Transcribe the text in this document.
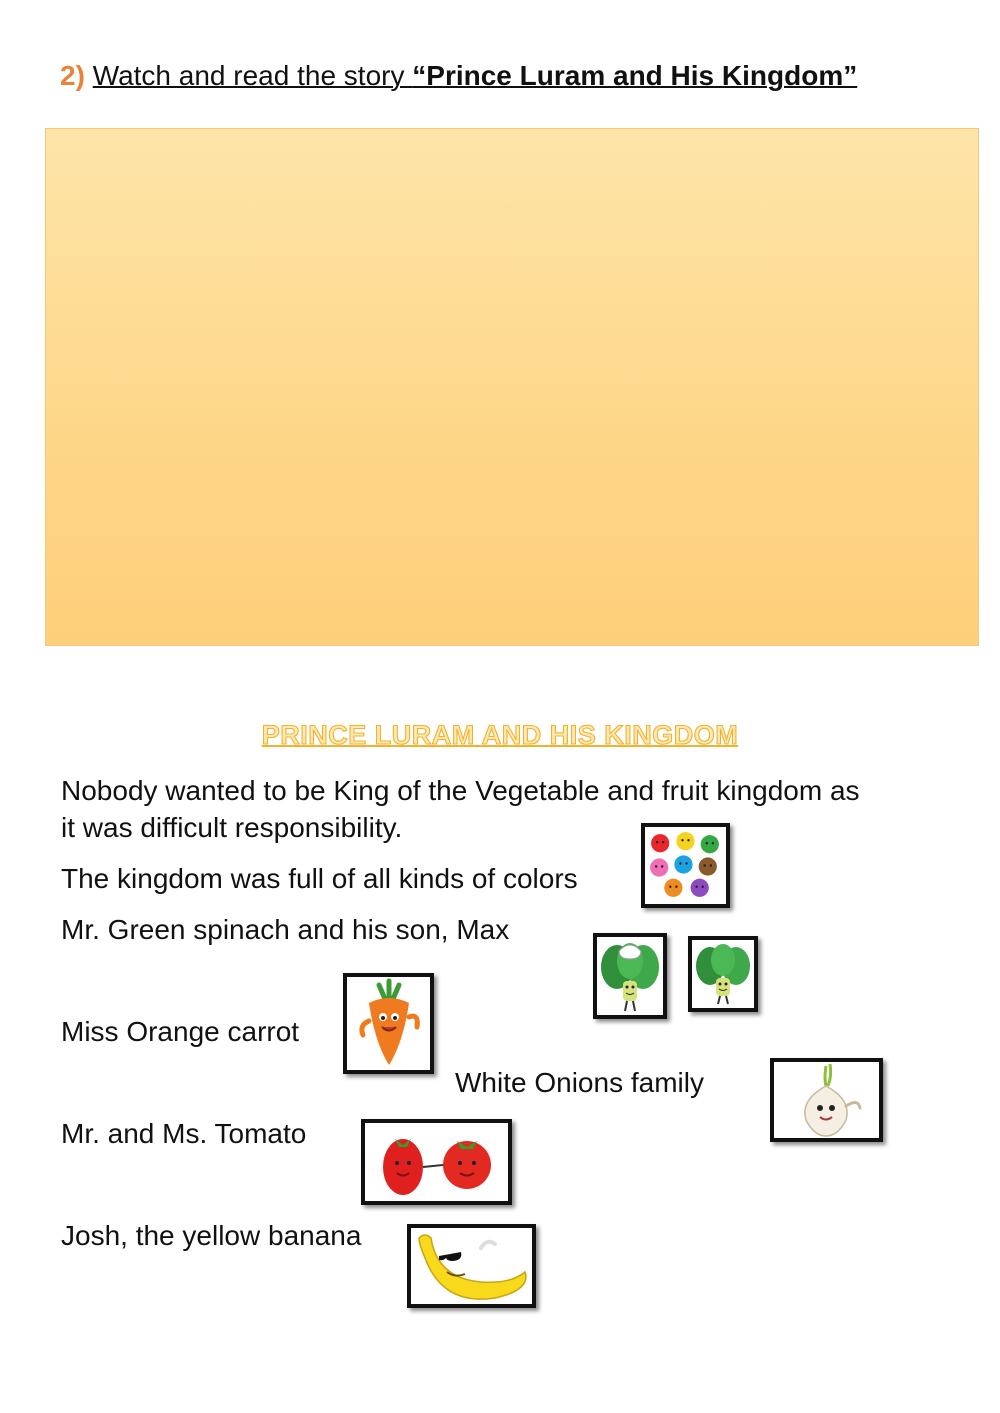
2) Watch and read the story “Prince Luram and His Kingdom”
PRINCE LURAM AND HIS KINGDOM
Nobody wanted to be King of the Vegetable and fruit kingdom as
it was difficult responsibility.
The kingdom was full of all kinds of colors
Mr. Green spinach and his son, Max
Miss Orange carrot
White Onions family
Mr. and Ms. Tomato
Josh, the yellow banana
